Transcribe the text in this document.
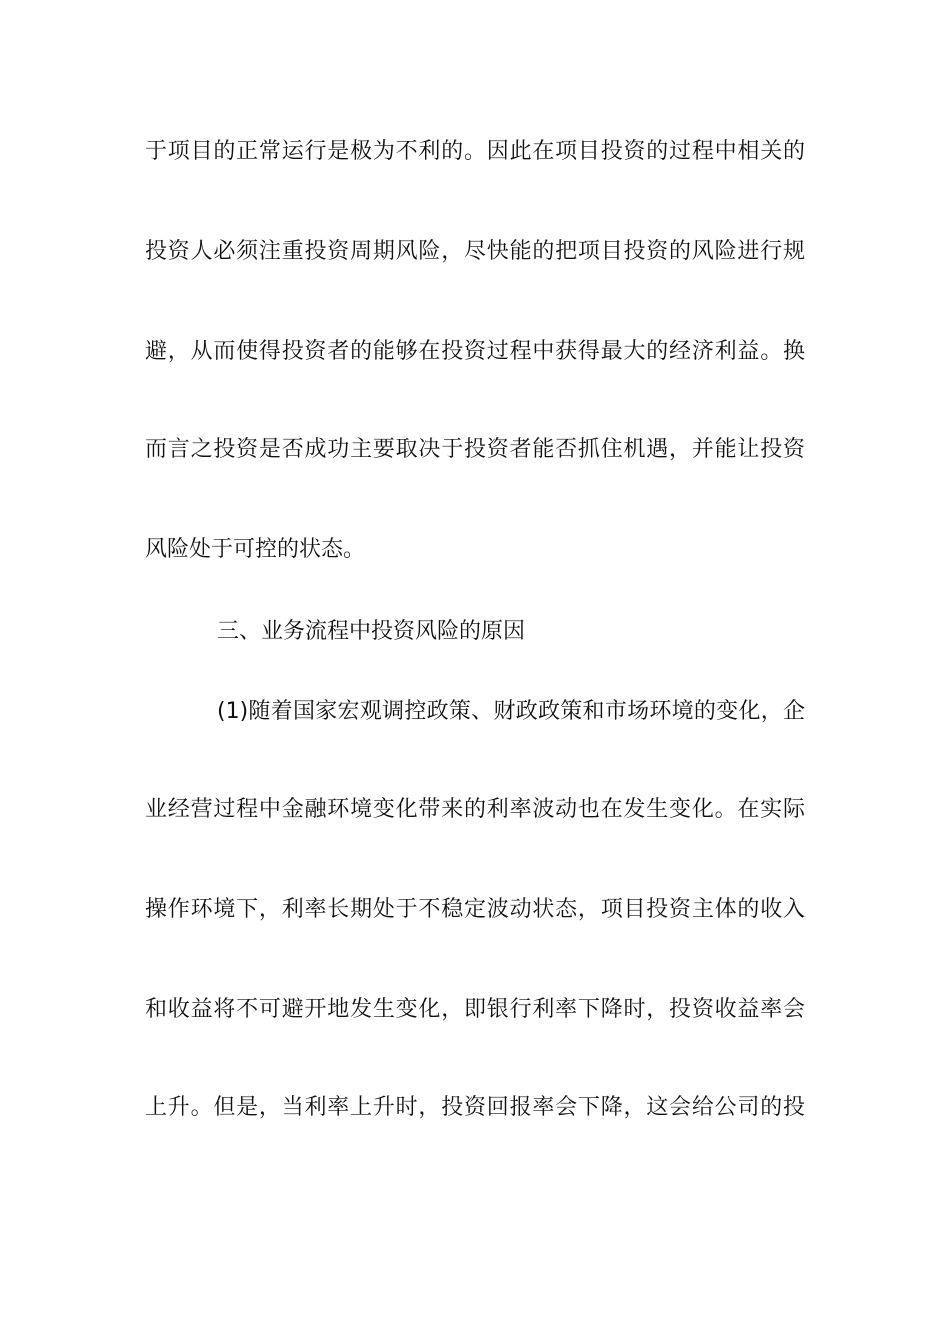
于项目的正常运行是极为不利的。因此在项目投资的过程中相关的
投资人必须注重投资周期风险，尽快能的把项目投资的风险进行规
避，从而使得投资者的能够在投资过程中获得最大的经济利益。换
而言之投资是否成功主要取决于投资者能否抓住机遇，并能让投资
风险处于可控的状态。
三、业务流程中投资风险的原因
(1)随着国家宏观调控政策、财政政策和市场环境的变化，企
业经营过程中金融环境变化带来的利率波动也在发生变化。在实际
操作环境下，利率长期处于不稳定波动状态，项目投资主体的收入
和收益将不可避开地发生变化，即银行利率下降时，投资收益率会
上升。但是，当利率上升时，投资回报率会下降，这会给公司的投
